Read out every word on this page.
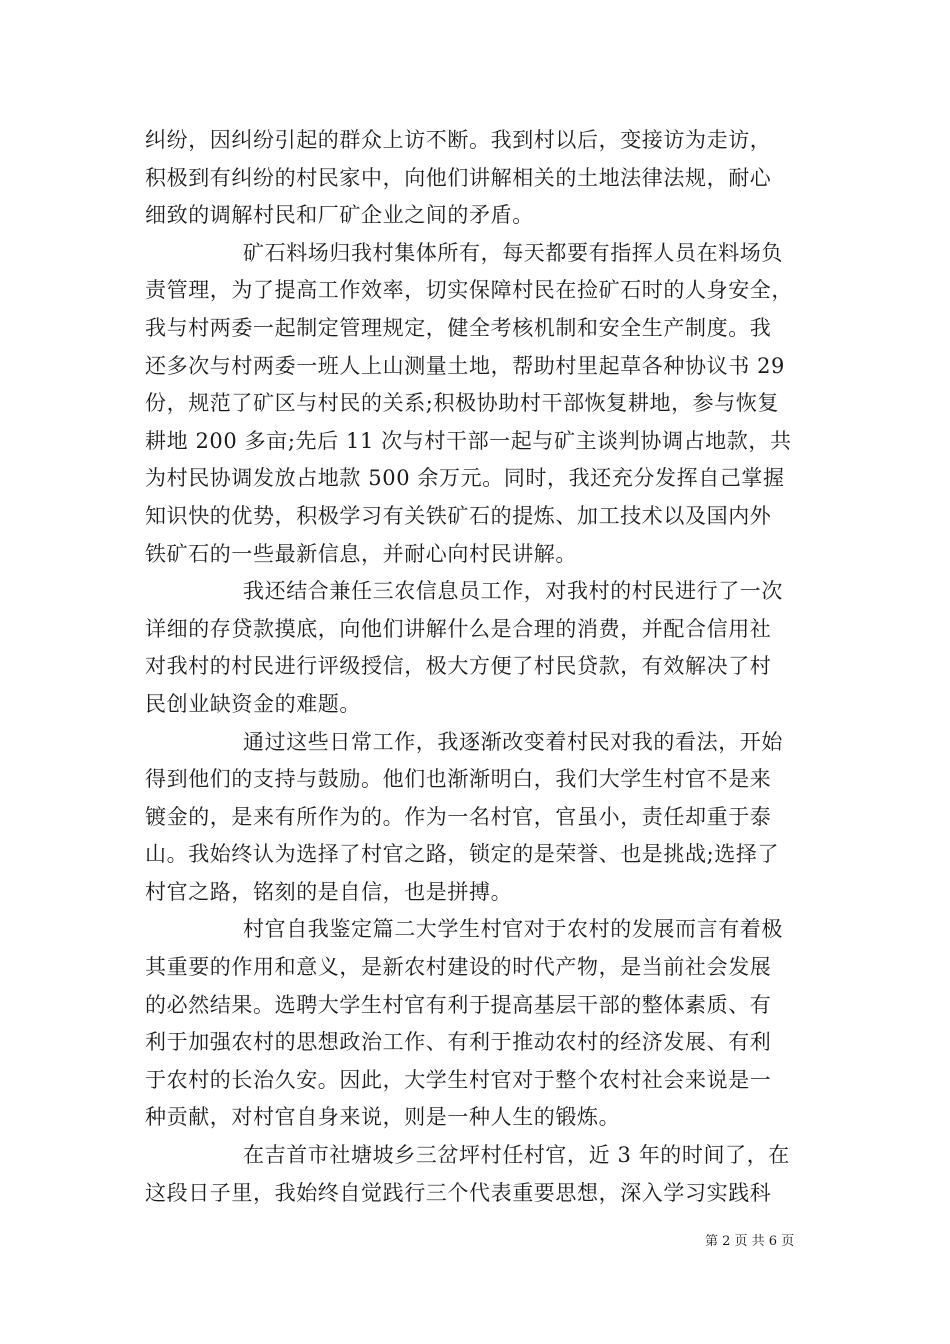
纠纷，因纠纷引起的群众上访不断。我到村以后，变接访为走访，
积极到有纠纷的村民家中，向他们讲解相关的土地法律法规，耐心
细致的调解村民和厂矿企业之间的矛盾。
矿石料场归我村集体所有，每天都要有指挥人员在料场负
责管理，为了提高工作效率，切实保障村民在捡矿石时的人身安全，
我与村两委一起制定管理规定，健全考核机制和安全生产制度。我
还多次与村两委一班人上山测量土地，帮助村里起草各种协议书 29
份，规范了矿区与村民的关系;积极协助村干部恢复耕地，参与恢复
耕地 200 多亩;先后 11 次与村干部一起与矿主谈判协调占地款，共
为村民协调发放占地款 500 余万元。同时，我还充分发挥自己掌握
知识快的优势，积极学习有关铁矿石的提炼、加工技术以及国内外
铁矿石的一些最新信息，并耐心向村民讲解。
我还结合兼任三农信息员工作，对我村的村民进行了一次
详细的存贷款摸底，向他们讲解什么是合理的消费，并配合信用社
对我村的村民进行评级授信，极大方便了村民贷款，有效解决了村
民创业缺资金的难题。
通过这些日常工作，我逐渐改变着村民对我的看法，开始
得到他们的支持与鼓励。他们也渐渐明白，我们大学生村官不是来
镀金的，是来有所作为的。作为一名村官，官虽小，责任却重于泰
山。我始终认为选择了村官之路，锁定的是荣誉、也是挑战;选择了
村官之路，铭刻的是自信，也是拼搏。
村官自我鉴定篇二大学生村官对于农村的发展而言有着极
其重要的作用和意义，是新农村建设的时代产物，是当前社会发展
的必然结果。选聘大学生村官有利于提高基层干部的整体素质、有
利于加强农村的思想政治工作、有利于推动农村的经济发展、有利
于农村的长治久安。因此，大学生村官对于整个农村社会来说是一
种贡献，对村官自身来说，则是一种人生的锻炼。
在吉首市社塘坡乡三岔坪村任村官，近 3 年的时间了，在
这段日子里，我始终自觉践行三个代表重要思想，深入学习实践科
第 2 页 共 6 页
